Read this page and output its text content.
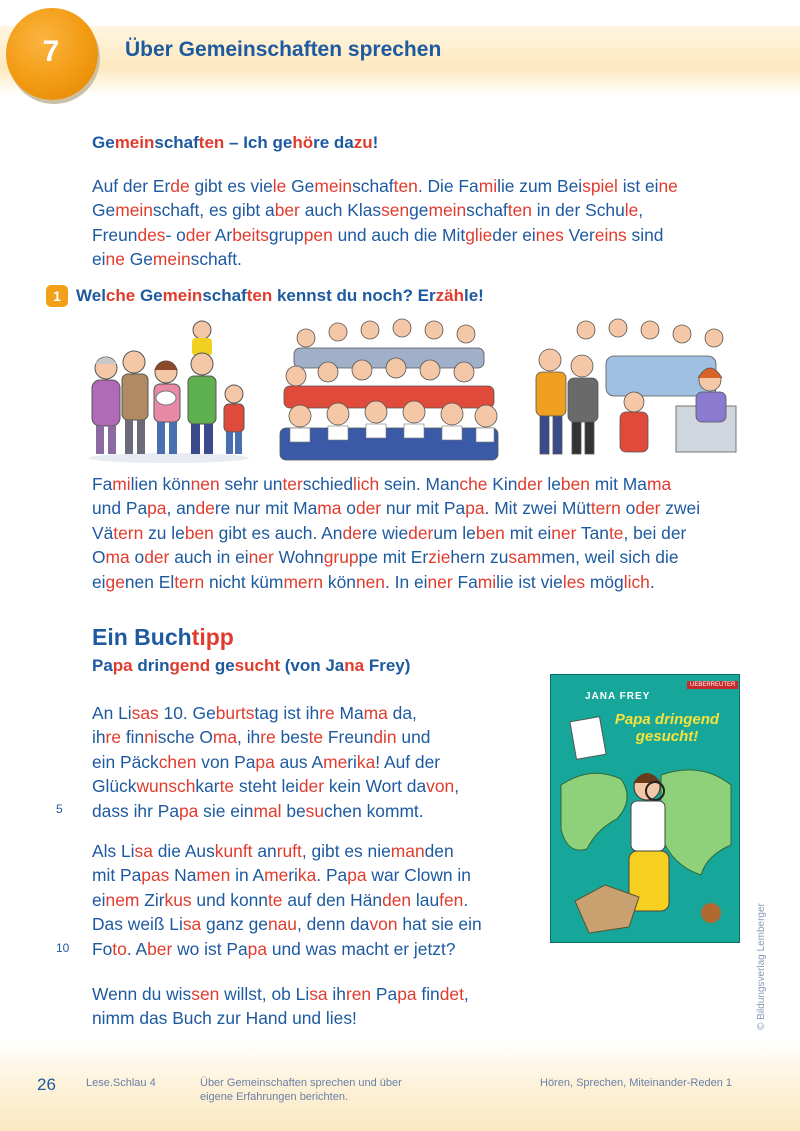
7	Über Gemeinschaften sprechen
Gemeinschaften – Ich gehöre dazu!
Auf der Erde gibt es viele Gemeinschaften. Die Familie zum Beispiel ist eine
Gemeinschaft, es gibt aber auch Klassengemeinschaften in der Schule,
Freundes- oder Arbeitsgruppen und auch die Mitglieder eines Vereins sind
eine Gemeinschaft.
1 Welche Gemeinschaften kennst du noch? Erzähle!
Familien können sehr unterschiedlich sein. Manche Kinder leben mit Mama
und Papa, andere nur mit Mama oder nur mit Papa. Mit zwei Müttern oder zwei
Vätern zu leben gibt es auch. Andere wiederum leben mit einer Tante, bei der
Oma oder auch in einer Wohngruppe mit Erziehern zusammen, weil sich die
eigenen Eltern nicht kümmern können. In einer Familie ist vieles möglich.
Ein Buchtipp
Papa dringend gesucht (von Jana Frey)
An Lisas 10. Geburtstag ist ihre Mama da,
ihre finnische Oma, ihre beste Freundin und
ein Päckchen von Papa aus Amerika! Auf der
Glückwunschkarte steht leider kein Wort davon,
dass ihr Papa sie einmal besuchen kommt.
5
Als Lisa die Auskunft anruft, gibt es niemanden
mit Papas Namen in Amerika. Papa war Clown in
einem Zirkus und konnte auf den Händen laufen.
Das weiß Lisa ganz genau, denn davon hat sie ein
Foto. Aber wo ist Papa und was macht er jetzt?
10
Wenn du wissen willst, ob Lisa ihren Papa findet,
nimm das Buch zur Hand und lies!
UEBERREUTER
JANA FREY
Papa dringend gesucht!
26	Lese.Schlau 4	Über Gemeinschaften sprechen und über
eigene Erfahrungen berichten.
Hören, Sprechen, Miteinander-Reden 1
© Bildungsverlag Lemberger
